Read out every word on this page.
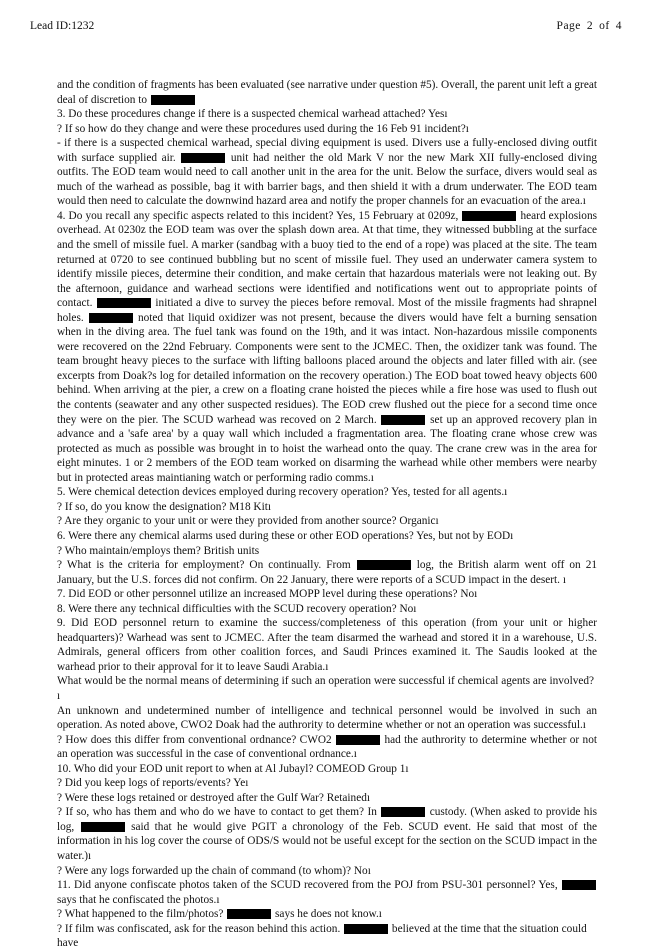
Lead ID:1232	Page 2 of 4

and the condition of fragments has been evaluated (see narrative under question #5). Overall, the parent unit left a great deal of discretion to

3. Do these procedures change if there is a suspected chemical warhead attached? Yesı

? If so how do they change and were these procedures used during the 16 Feb 91 incident?ı

- if there is a suspected chemical warhead, special diving equipment is used. Divers use a fully-enclosed diving outfit with surface supplied air.	unit had neither the old Mark V nor the new Mark XII fully-enclosed diving outfits. The EOD team would need to call another unit in the area for the unit. Below the surface, divers would seal as much of the warhead as possible, bag it with barrier bags, and then shield it with a drum underwater. The EOD team would then need to calculate the downwind hazard area and notify the proper channels for an evacuation of the area.ı

4. Do you recall any specific aspects related to this incident? Yes, 15 February at 0209z,	heard explosions overhead. At 0230z the EOD team was over the splash down area. At that time, they witnessed bubbling at the surface and the smell of missile fuel. A marker (sandbag with a buoy tied to the end of a rope) was placed at the site. The team returned at 0720 to see continued bubbling but no scent of missile fuel. They used an underwater camera system to identify missile pieces, determine their condition, and make certain that hazardous materials were not leaking out. By the afternoon, guidance and warhead sections were identified and notifications went out to appropriate points of contact.	initiated a dive to survey the pieces before removal. Most of the missile fragments had shrapnel holes.	noted that liquid oxidizer was not present, because the divers would have felt a burning sensation when in the diving area. The fuel tank was found on the 19th, and it was intact. Non-hazardous missile components were recovered on the 22nd February. Components were sent to the JCMEC. Then, the oxidizer tank was found. The team brought heavy pieces to the surface with lifting balloons placed around the objects and later filled with air. (see excerpts from Doak?s log for detailed information on the recovery operation.) The EOD boat towed heavy objects 600 behind. When arriving at the pier, a crew on a floating crane hoisted the pieces while a fire hose was used to flush out the contents (seawater and any other suspected residues). The EOD crew flushed out the piece for a second time once they were on the pier. The SCUD warhead was recoved on 2 March.	set up an approved recovery plan in advance and a 'safe area' by a quay wall which included a fragmentation area. The floating crane whose crew was protected as much as possible was brought in to hoist the warhead onto the quay. The crane crew was in the area for eight minutes. 1 or 2 members of the EOD team worked on disarming the warhead while other members were nearby but in protected areas maintianing watch or performing radio comms.ı

5. Were chemical detection devices employed during recovery operation? Yes, tested for all agents.ı

? If so, do you know the designation? M18 Kitı

? Are they organic to your unit or were they provided from another source? Organicı

6. Were there any chemical alarms used during these or other EOD operations? Yes, but not by EODı

? Who maintain/employs them? British units

? What is the criteria for employment? On continually. From	log, the British alarm went off on 21 January, but the U.S. forces did not confirm. On 22 January, there were reports of a SCUD impact in the desert. ı

7. Did EOD or other personnel utilize an increased MOPP level during these operations? Noı

8. Were there any technical difficulties with the SCUD recovery operation? Noı

9. Did EOD personnel return to examine the success/completeness of this operation (from your unit or higher headquarters)? Warhead was sent to JCMEC. After the team disarmed the warhead and stored it in a warehouse, U.S. Admirals, general officers from other coalition forces, and Saudi Princes examined it. The Saudis looked at the warhead prior to their approval for it to leave Saudi Arabia.ı

What would be the normal means of determining if such an operation were successful if chemical agents are involved?ı

An unknown and undetermined number of intelligence and technical personnel would be involved in such an operation. As noted above, CWO2 Doak had the authrority to determine whether or not an operation was successful.ı

? How does this differ from conventional ordnance? CWO2	had the authrority to determine whether or not an operation was successful in the case of conventional ordnance.ı

10. Who did your EOD unit report to when at Al Jubayl? COMEOD Group 1ı

? Did you keep logs of reports/events? Yeı

? Were these logs retained or destroyed after the Gulf War? Retainedı

? If so, who has them and who do we have to contact to get them? In	custody. (When asked to provide his log,	said that he would give PGIT a chronology of the Feb. SCUD event. He said that most of the information in his log cover the course of ODS/S would not be useful except for the section on the SCUD impact in the water.)ı

? Were any logs forwarded up the chain of command (to whom)? Noı

11. Did anyone confiscate photos taken of the SCUD recovered from the POJ from PSU-301 personnel? Yes,  says that he confiscated the photos.ı

? What happened to the film/photos?	says he does not know.ı

? If film was confiscated, ask for the reason behind this action.	believed at the time that the situation could have
